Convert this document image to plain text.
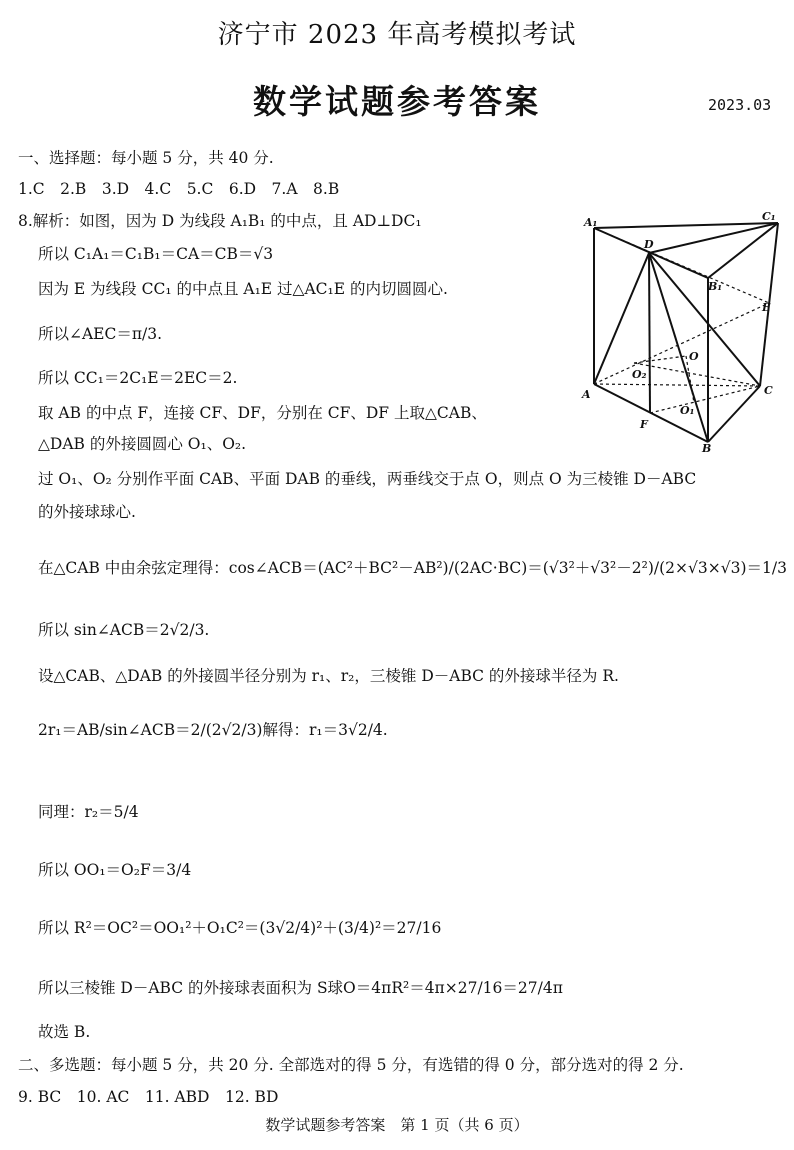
济宁市 2023 年高考模拟考试
数学试题参考答案	2023.03
一、选择题：每小题 5 分，共 40 分.
1.C　2.B　3.D　4.C　5.C　6.D　7.A　8.B
8.解析：如图，因为 D 为线段 A₁B₁ 的中点，且 AD⊥DC₁
所以 C₁A₁＝C₁B₁＝CA＝CB＝√3
因为 E 为线段 CC₁ 的中点且 A₁E 过△AC₁E 的内切圆圆心.
所以∠AEC＝π/3.
所以 CC₁＝2C₁E＝2EC＝2.
取 AB 的中点 F，连接 CF、DF，分别在 CF、DF 上取△CAB、
△DAB 的外接圆圆心 O₁、O₂.
过 O₁、O₂ 分别作平面 CAB、平面 DAB 的垂线，两垂线交于点 O，则点 O 为三棱锥 D－ABC
的外接球球心.
在△CAB 中由余弦定理得：cos∠ACB＝(AC²＋BC²－AB²)/(2AC·BC)＝(√3²＋√3²－2²)/(2×√3×√3)＝1/3
所以 sin∠ACB＝2√2/3.
设△CAB、△DAB 的外接圆半径分别为 r₁、r₂，三棱锥 D－ABC 的外接球半径为 R.
2r₁＝AB/sin∠ACB＝2/(2√2/3)解得：r₁＝3√2/4.
同理：r₂＝5/4
所以 OO₁＝O₂F＝3/4
所以 R²＝OC²＝OO₁²＋O₁C²＝(3√2/4)²＋(3/4)²＝27/16
所以三棱锥 D－ABC 的外接球表面积为 S球O＝4πR²＝4π×27/16＝27/4π
故选 B.
二、多选题：每小题 5 分，共 20 分. 全部选对的得 5 分，有选错的得 0 分，部分选对的得 2 分.
9. BC　10. AC　11. ABD　12. BD
数学试题参考答案　第 1 页（共 6 页）
A₁	C₁
D
B₁
E
O
O₂
A	C
O₁
F
B
